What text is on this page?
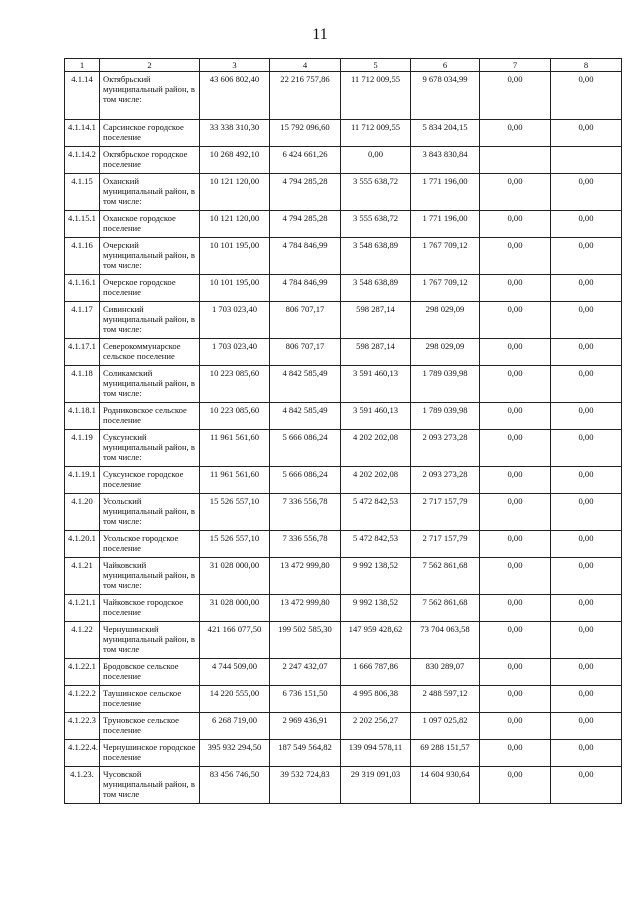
11
1	2	3	4	5	6	7	8
4.1.14	Октябрьский муниципальный район, в том числе:	43 606 802,40	22 216 757,86	11 712 009,55	9 678 034,99	0,00	0,00
4.1.14.1	Сарсинское городское поселение	33 338 310,30	15 792 096,60	11 712 009,55	5 834 204,15	0,00	0,00
4.1.14.2	Октябрьское городское поселение	10 268 492,10	6 424 661,26	0,00	3 843 830,84		
4.1.15	Оханский муниципальный район, в том числе:	10 121 120,00	4 794 285,28	3 555 638,72	1 771 196,00	0,00	0,00
4.1.15.1	Оханское городское поселение	10 121 120,00	4 794 285,28	3 555 638,72	1 771 196,00	0,00	0,00
4.1.16	Очерский муниципальный район, в том числе:	10 101 195,00	4 784 846,99	3 548 638,89	1 767 709,12	0,00	0,00
4.1.16.1	Очерское городское поселение	10 101 195,00	4 784 846,99	3 548 638,89	1 767 709,12	0,00	0,00
4.1.17	Сивинский муниципальный район, в том числе:	1 703 023,40	806 707,17	598 287,14	298 029,09	0,00	0,00
4.1.17.1	Северокоммунарское сельское поселение	1 703 023,40	806 707,17	598 287,14	298 029,09	0,00	0,00
4.1.18	Соликамский муниципальный район, в том числе:	10 223 085,60	4 842 585,49	3 591 460,13	1 789 039,98	0,00	0,00
4.1.18.1	Родниковское сельское поселение	10 223 085,60	4 842 585,49	3 591 460,13	1 789 039,98	0,00	0,00
4.1.19	Суксунский муниципальный район, в том числе:	11 961 561,60	5 666 086,24	4 202 202,08	2 093 273,28	0,00	0,00
4.1.19.1	Суксунское городское поселение	11 961 561,60	5 666 086,24	4 202 202,08	2 093 273,28	0,00	0,00
4.1.20	Усольский муниципальный район, в том числе:	15 526 557,10	7 336 556,78	5 472 842,53	2 717 157,79	0,00	0,00
4.1.20.1	Усольское городское поселение	15 526 557,10	7 336 556,78	5 472 842,53	2 717 157,79	0,00	0,00
4.1.21	Чайковский муниципальный район, в том числе:	31 028 000,00	13 472 999,80	9 992 138,52	7 562 861,68	0,00	0,00
4.1.21.1	Чайковское городское поселение	31 028 000,00	13 472 999,80	9 992 138,52	7 562 861,68	0,00	0,00
4.1.22	Чернушинский муниципальный район, в том числе	421 166 077,50	199 502 585,30	147 959 428,62	73 704 063,58	0,00	0,00
4.1.22.1	Бродовское сельское поселение	4 744 509,00	2 247 432,07	1 666 787,86	830 289,07	0,00	0,00
4.1.22.2	Таушинское сельское поселение	14 220 555,00	6 736 151,50	4 995 806,38	2 488 597,12	0,00	0,00
4.1.22.3	Труновское сельское поселение	6 268 719,00	2 969 436,91	2 202 256,27	1 097 025,82	0,00	0,00
4.1.22.4.	Чернушинское городское поселение	395 932 294,50	187 549 564,82	139 094 578,11	69 288 151,57	0,00	0,00
4.1.23.	Чусовской муниципальный район, в том числе	83 456 746,50	39 532 724,83	29 319 091,03	14 604 930,64	0,00	0,00
